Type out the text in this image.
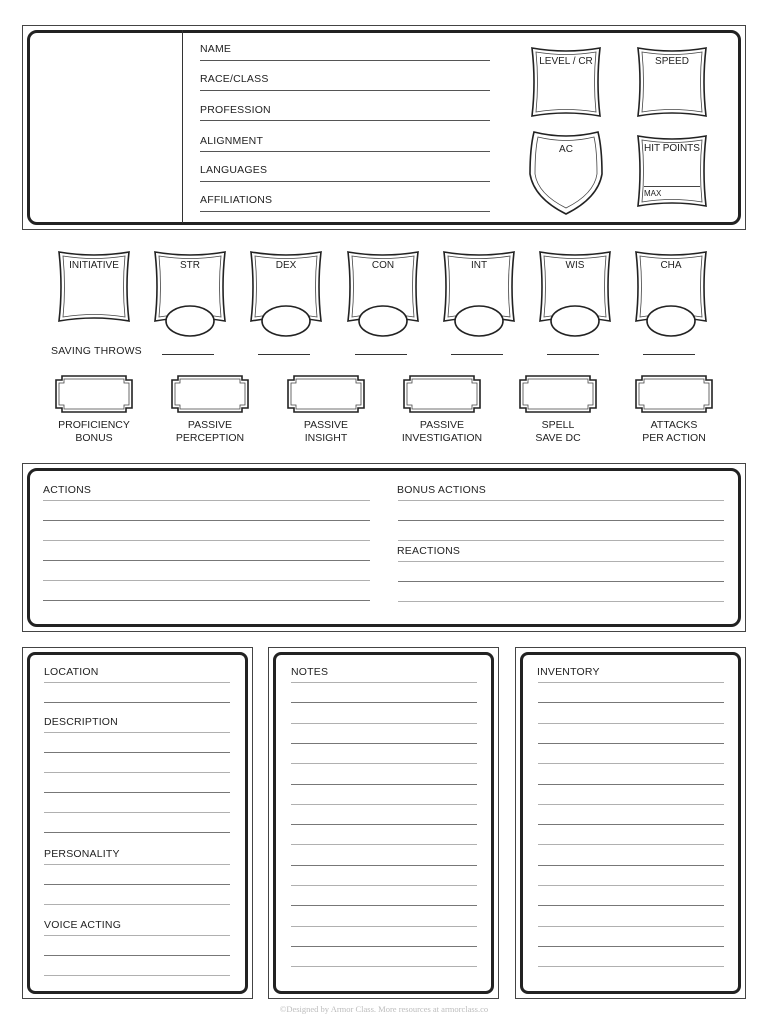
NAME
RACE/CLASS
PROFESSION
ALIGNMENT
LANGUAGES
AFFILIATIONS
LEVEL / CR	SPEED
AC	HIT POINTS
MAX
INITIATIVE	STR	DEX	CON	INT	WIS	CHA
SAVING THROWS
PROFICIENCY
BONUS
PASSIVE
PERCEPTION
PASSIVE
INSIGHT
PASSIVE
INVESTIGATION
SPELL
SAVE DC
ATTACKS
PER ACTION
ACTIONS	BONUS ACTIONS
REACTIONS
LOCATION
DESCRIPTION
PERSONALITY
VOICE ACTING
NOTES	INVENTORY
©Designed by Armor Class. More resources at armorclass.co
